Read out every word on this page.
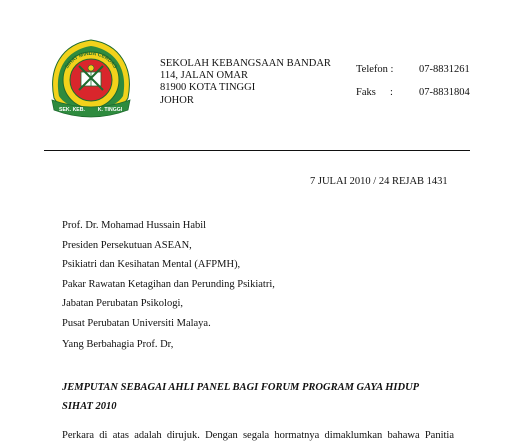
SIHAT MINDA CERDAS
SEK. KEB. K. TINGGI
SEKOLAH KEBANGSAAN BANDAR
114, JALAN OMAR
81900 KOTA TINGGI
JOHOR
Telefon : 07-8831261
Faks : 07-8831804
7 JULAI 2010 / 24 REJAB 1431
Prof. Dr. Mohamad Hussain Habil
Presiden Persekutuan ASEAN,
Psikiatri dan Kesihatan Mental (AFPMH),
Pakar Rawatan Ketagihan dan Perunding Psikiatri,
Jabatan Perubatan Psikologi,
Pusat Perubatan Universiti Malaya.
Yang Berbahagia Prof. Dr,
JEMPUTAN SEBAGAI AHLI PANEL BAGI FORUM PROGRAM GAYA HIDUP
SIHAT 2010
Perkara di atas adalah dirujuk. Dengan segala hormatnya dimaklumkan bahawa Panitia
